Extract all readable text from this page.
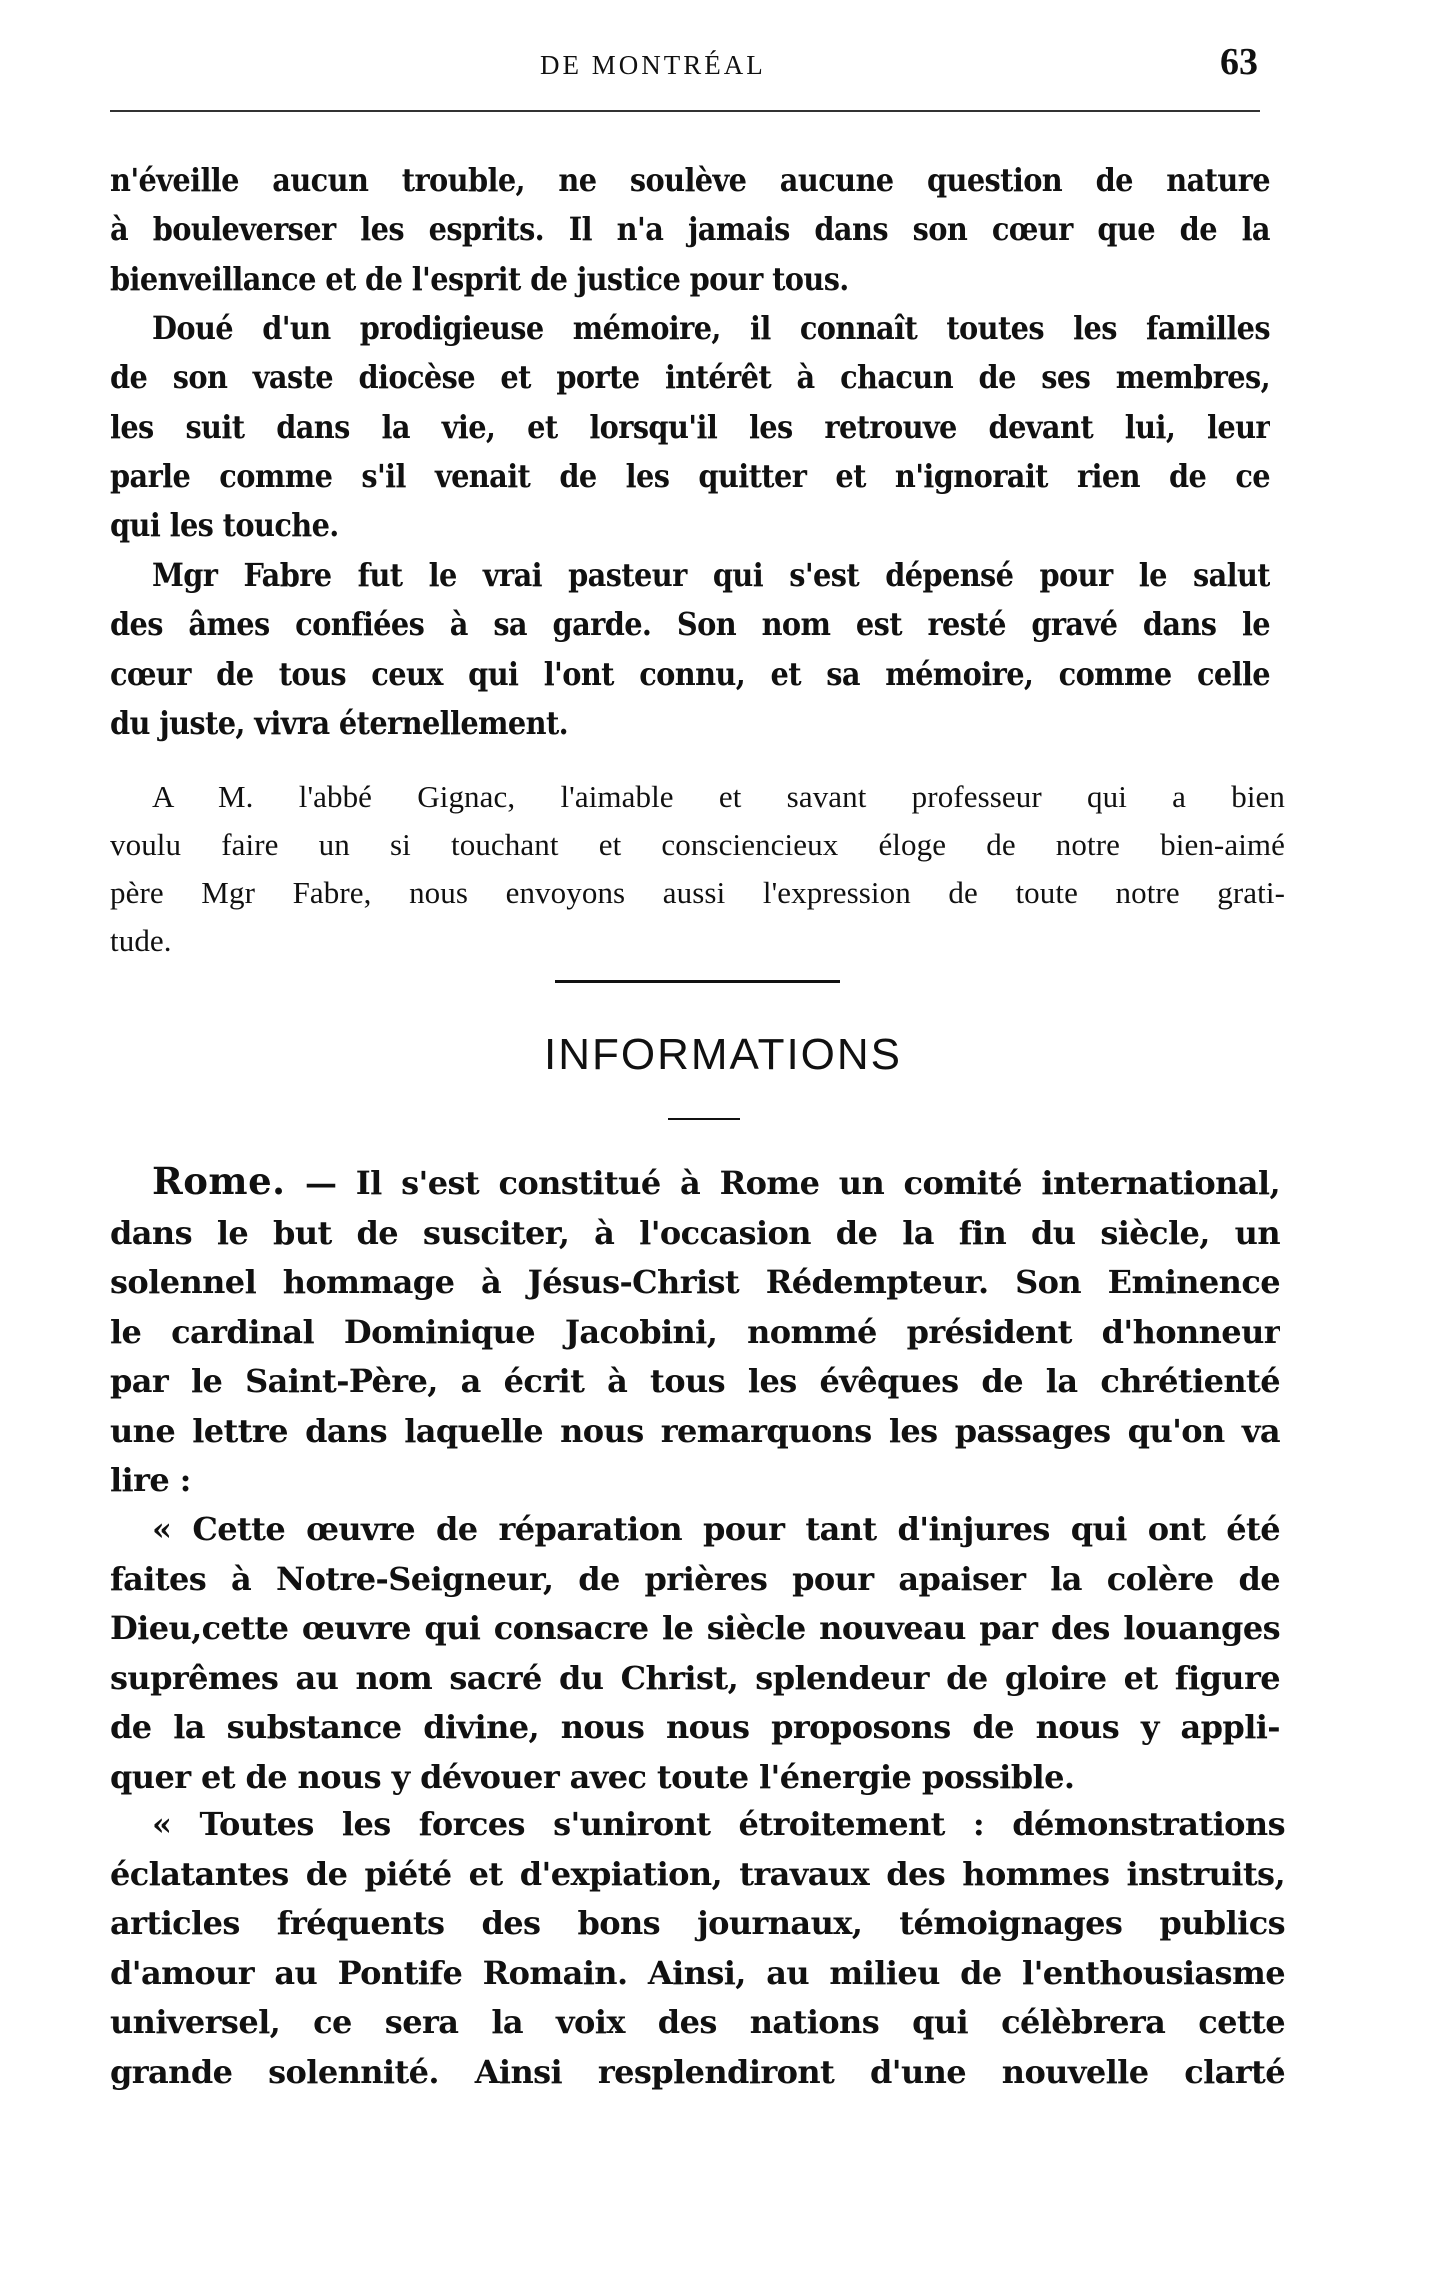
DE MONTRÉAL	63
n'éveille aucun trouble, ne soulève aucune question de nature
à bouleverser les esprits. Il n'a jamais dans son cœur que de la
bienveillance et de l'esprit de justice pour tous.
Doué d'un prodigieuse mémoire, il connaît toutes les familles
de son vaste diocèse et porte intérêt à chacun de ses membres,
les suit dans la vie, et lorsqu'il les retrouve devant lui, leur
parle comme s'il venait de les quitter et n'ignorait rien de ce
qui les touche.
Mgr Fabre fut le vrai pasteur qui s'est dépensé pour le salut
des âmes confiées à sa garde. Son nom est resté gravé dans le
cœur de tous ceux qui l'ont connu, et sa mémoire, comme celle
du juste, vivra éternellement.
A M. l'abbé Gignac, l'aimable et savant professeur qui a bien
voulu faire un si touchant et consciencieux éloge de notre bien-aimé
père Mgr Fabre, nous envoyons aussi l'expression de toute notre grati-
tude.
INFORMATIONS
Rome. — Il s'est constitué à Rome un comité international,
dans le but de susciter, à l'occasion de la fin du siècle, un
solennel hommage à Jésus-Christ Rédempteur. Son Eminence
le cardinal Dominique Jacobini, nommé président d'honneur
par le Saint-Père, a écrit à tous les évêques de la chrétienté
une lettre dans laquelle nous remarquons les passages qu'on va
lire :
« Cette œuvre de réparation pour tant d'injures qui ont été
faites à Notre-Seigneur, de prières pour apaiser la colère de
Dieu,cette œuvre qui consacre le siècle nouveau par des louanges
suprêmes au nom sacré du Christ, splendeur de gloire et figure
de la substance divine, nous nous proposons de nous y appli-
quer et de nous y dévouer avec toute l'énergie possible.
« Toutes les forces s'uniront étroitement : démonstrations
éclatantes de piété et d'expiation, travaux des hommes instruits,
articles fréquents des bons journaux, témoignages publics
d'amour au Pontife Romain. Ainsi, au milieu de l'enthousiasme
universel, ce sera la voix des nations qui célèbrera cette
grande solennité. Ainsi resplendiront d'une nouvelle clarté
